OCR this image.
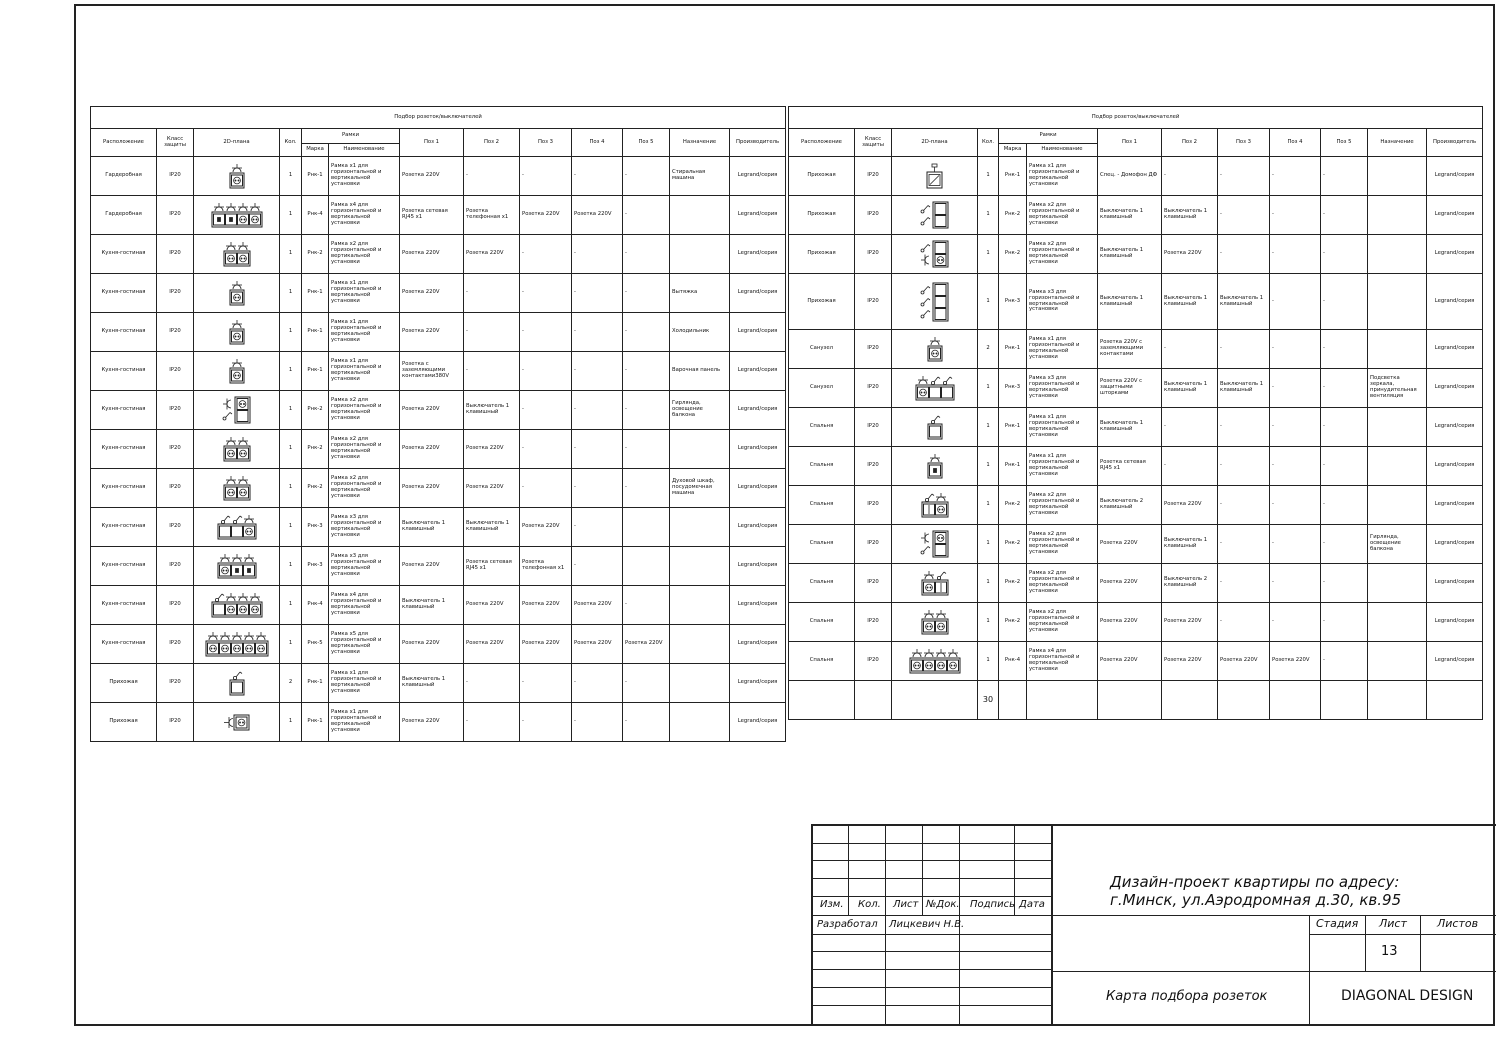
Подбор розеток/выключателей												
Расположение	Класс защиты	2D-плана	Кол.	Рамки		Поз 1	Поз 2	Поз 3	Поз 4	Поз 5	Назначение	Производитель
				Марка	Наименование							
Гардеробная	IP20		1	Рнк-1	Рамка х1 для горизонтальной и вертикальной установки	Розетка 220V	-	-	-	-	Стиральная машина	Legrand/серия
Гардеробная	IP20		1	Рнк-4	Рамка х4 для горизонтальной и вертикальной установки	Розетка сетевая RJ45 х1	Розетка телефонная х1	Розетка 220V	Розетка 220V	-		Legrand/серия
Кухня-гостиная	IP20		1	Рнк-2	Рамка х2 для горизонтальной и вертикальной установки	Розетка 220V	Розетка 220V	-	-	-		Legrand/серия
Кухня-гостиная	IP20		1	Рнк-1	Рамка х1 для горизонтальной и вертикальной установки	Розетка 220V	-	-	-	-	Вытяжка	Legrand/серия
Кухня-гостиная	IP20		1	Рнк-1	Рамка х1 для горизонтальной и вертикальной установки	Розетка 220V	-	-	-	-	Холодильник	Legrand/серия
Кухня-гостиная	IP20		1	Рнк-1	Рамка х1 для горизонтальной и вертикальной установки	Розетка с заземляющими контактами380V	-	-	-	-	Варочная панель	Legrand/серия
Кухня-гостиная	IP20		1	Рнк-2	Рамка х2 для горизонтальной и вертикальной установки	Розетка 220V	Выключатель 1 клавишный	-	-	-	Гирлянда, освещение балкона	Legrand/серия
Кухня-гостиная	IP20		1	Рнк-2	Рамка х2 для горизонтальной и вертикальной установки	Розетка 220V	Розетка 220V	-	-	-		Legrand/серия
Кухня-гостиная	IP20		1	Рнк-2	Рамка х2 для горизонтальной и вертикальной установки	Розетка 220V	Розетка 220V	-	-	-	Духовой шкаф, посудомечная машина	Legrand/серия
Кухня-гостиная	IP20		1	Рнк-3	Рамка х3 для горизонтальной и вертикальной установки	Выключатель 1 клавишный	Выключатель 1 клавишный	Розетка 220V	-			Legrand/серия
Кухня-гостиная	IP20		1	Рнк-3	Рамка х3 для горизонтальной и вертикальной установки	Розетка 220V	Розетка сетевая RJ45 х1	Розетка телефонная х1	-			Legrand/серия
Кухня-гостиная	IP20		1	Рнк-4	Рамка х4 для горизонтальной и вертикальной установки	Выключатель 1 клавишный	Розетка 220V	Розетка 220V	Розетка 220V	-		Legrand/серия
Кухня-гостиная	IP20		1	Рнк-5	Рамка х5 для горизонтальной и вертикальной установки	Розетка 220V	Розетка 220V	Розетка 220V	Розетка 220V	Розетка 220V		Legrand/серия
Прихожая	IP20		2	Рнк-1	Рамка х1 для горизонтальной и вертикальной установки	Выключатель 1 клавишный	-	-	-	-		Legrand/серия
Прихожая	IP20		1	Рнк-1	Рамка х1 для горизонтальной и вертикальной установки	Розетка 220V	-	-	-	-		Legrand/серия
Подбор розеток/выключателей												
Расположение	Класс защиты	2D-плана	Кол.	Рамки		Поз 1	Поз 2	Поз 3	Поз 4	Поз 5	Назначение	Производитель
				Марка	Наименование							
Прихожая	IP20		1	Рнк-1	Рамка х1 для горизонтальной и вертикальной установки	Спец. - Домофон ДФ	-	-	-	-		Legrand/серия
Прихожая	IP20		1	Рнк-2	Рамка х2 для горизонтальной и вертикальной установки	Выключатель 1 клавишный	Выключатель 1 клавишный	-	-	-		Legrand/серия
Прихожая	IP20		1	Рнк-2	Рамка х2 для горизонтальной и вертикальной установки	Выключатель 1 клавишный	Розетка 220V	-	-	-		Legrand/серия
Прихожая	IP20		1	Рнк-3	Рамка х3 для горизонтальной и вертикальной установки	Выключатель 1 клавишный	Выключатель 1 клавишный	Выключатель 1 клавишный	-	-		Legrand/серия
Санузел	IP20		2	Рнк-1	Рамка х1 для горизонтальной и вертикальной установки	Розетка 220V с заземляющими контактами	-	-	-	-		Legrand/серия
Санузел	IP20		1	Рнк-3	Рамка х3 для горизонтальной и вертикальной установки	Розетка 220V с защитными шторками	Выключатель 1 клавишный	Выключатель 1 клавишный	-	-	Подсветка зеркала, принудительная вентиляция	Legrand/серия
Спальня	IP20		1	Рнк-1	Рамка х1 для горизонтальной и вертикальной установки	Выключатель 1 клавишный	-	-	-	-		Legrand/серия
Спальня	IP20		1	Рнк-1	Рамка х1 для горизонтальной и вертикальной установки	Розетка сетевая RJ45 х1	-	-	-	-		Legrand/серия
Спальня	IP20		1	Рнк-2	Рамка х2 для горизонтальной и вертикальной установки	Выключатель 2 клавишный	Розетка 220V	-	-	-		Legrand/серия
Спальня	IP20		1	Рнк-2	Рамка х2 для горизонтальной и вертикальной установки	Розетка 220V	Выключатель 1 клавишный	-	-	-	Гирлянда, освещение балкона	Legrand/серия
Спальня	IP20		1	Рнк-2	Рамка х2 для горизонтальной и вертикальной установки	Розетка 220V	Выключатель 2 клавишный	-	-	-		Legrand/серия
Спальня	IP20		1	Рнк-2	Рамка х2 для горизонтальной и вертикальной установки	Розетка 220V	Розетка 220V	-	-	-		Legrand/серия
Спальня	IP20		1	Рнк-4	Рамка х4 для горизонтальной и вертикальной установки	Розетка 220V	Розетка 220V	Розетка 220V	Розетка 220V	-		Legrand/серия
			30									
Изм. Кол. Лист №Док. Подпись Дата
Разработал Лицкевич Н.В.
Дизайн-проект квартиры по адресу:
г.Минск, ул.Аэродромная д.30, кв.95
Стадия Лист	Листов
13
Карта подбора розеток	DIAGONAL DESIGN
